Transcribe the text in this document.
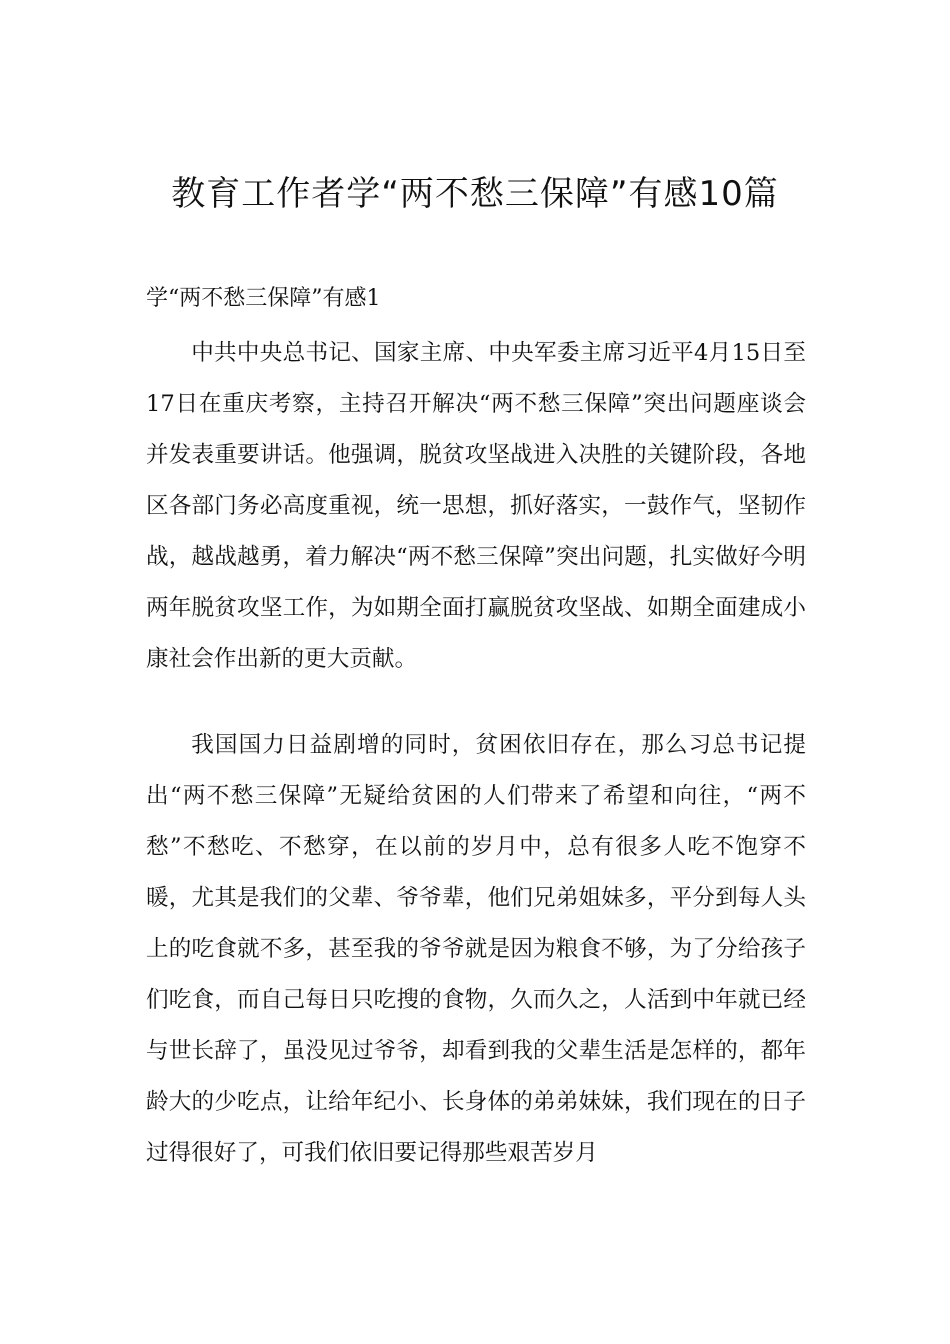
教育工作者学“两不愁三保障”有感10篇

学“两不愁三保障”有感1

中共中央总书记、国家主席、中央军委主席习近平4月15日至17日在重庆考察，主持召开解决“两不愁三保障”突出问题座谈会并发表重要讲话。他强调，脱贫攻坚战进入决胜的关键阶段，各地区各部门务必高度重视，统一思想，抓好落实，一鼓作气，坚韧作战，越战越勇，着力解决“两不愁三保障”突出问题，扎实做好今明两年脱贫攻坚工作，为如期全面打赢脱贫攻坚战、如期全面建成小康社会作出新的更大贡献。

我国国力日益剧增的同时，贫困依旧存在，那么习总书记提出“两不愁三保障”无疑给贫困的人们带来了希望和向往，“两不愁”不愁吃、不愁穿，在以前的岁月中，总有很多人吃不饱穿不暖，尤其是我们的父辈、爷爷辈，他们兄弟姐妹多，平分到每人头上的吃食就不多，甚至我的爷爷就是因为粮食不够，为了分给孩子们吃食，而自己每日只吃搜的食物，久而久之，人活到中年就已经与世长辞了，虽没见过爷爷，却看到我的父辈生活是怎样的，都年龄大的少吃点，让给年纪小、长身体的弟弟妹妹，我们现在的日子过得很好了，可我们依旧要记得那些艰苦岁月
